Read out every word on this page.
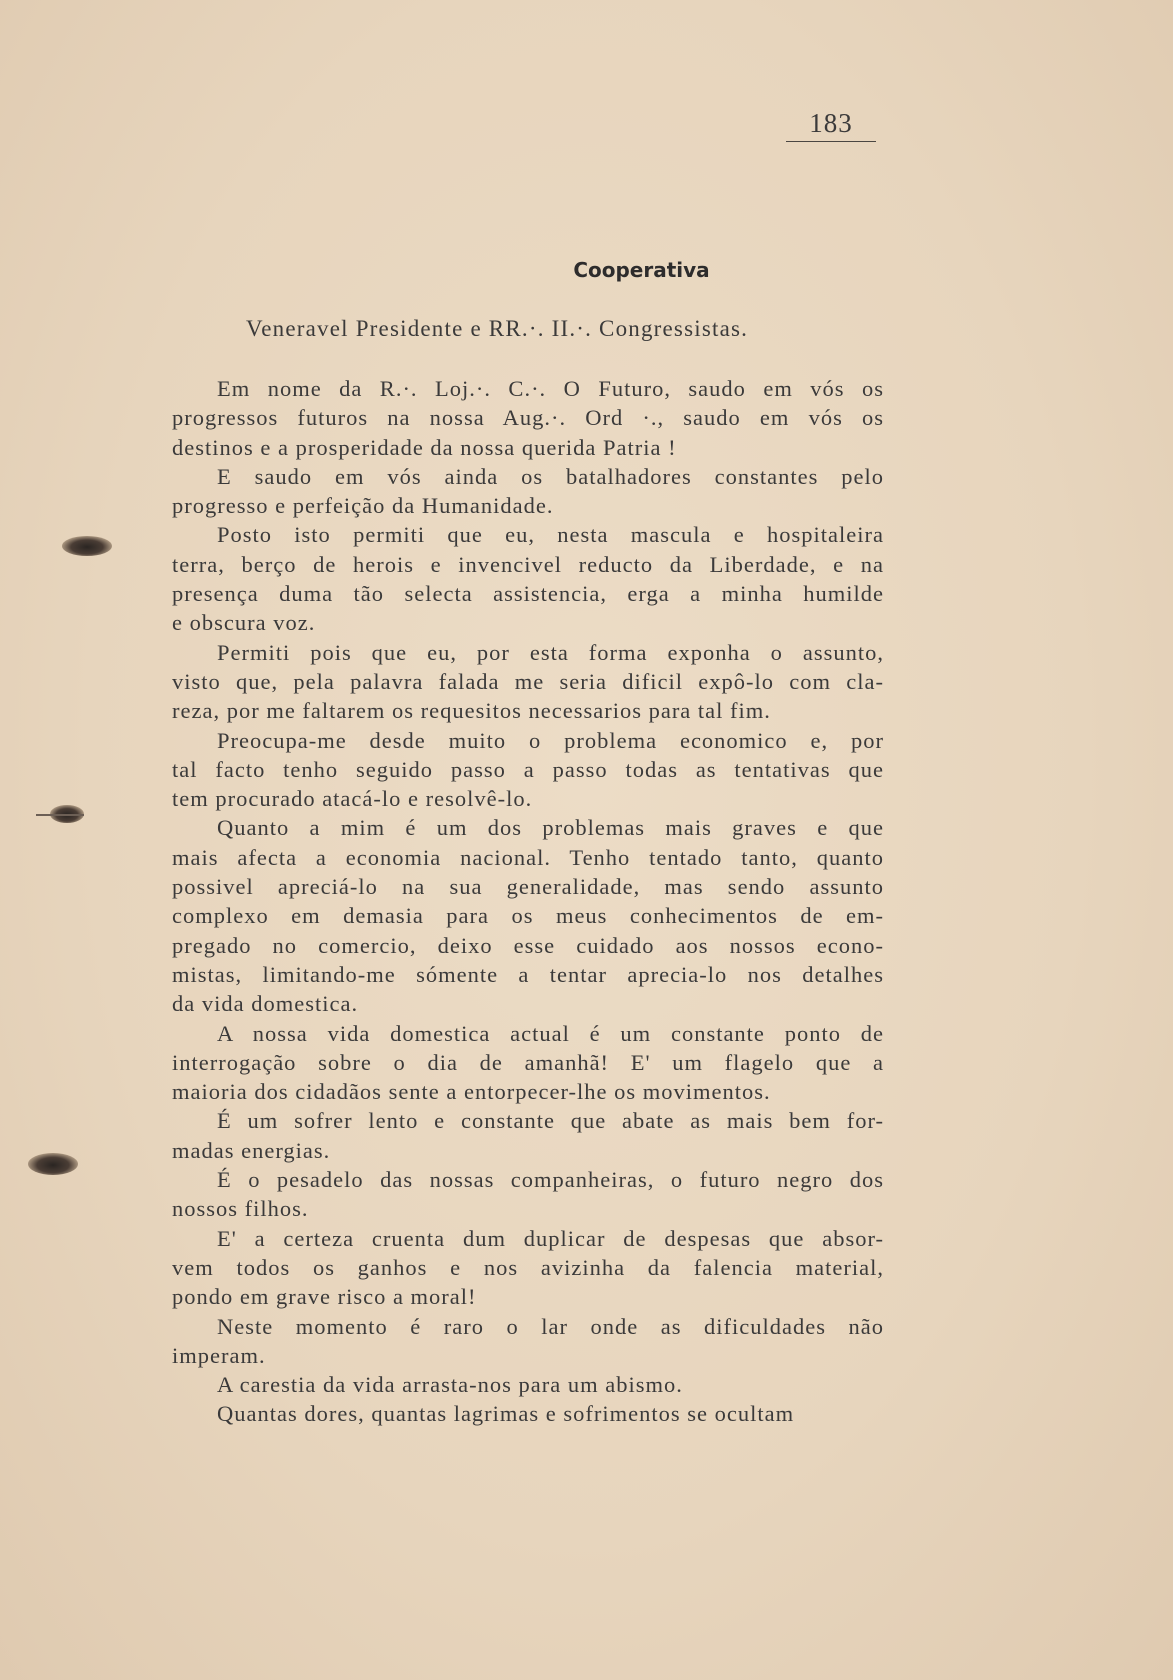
183
Cooperativa
Veneravel Presidente e RR.·. II.·. Congressistas.
Em nome da R.·. Loj.·. C.·. O Futuro, saudo em vós os
progressos futuros na nossa Aug.·. Ord ·., saudo em vós os
destinos e a prosperidade da nossa querida Patria !
E saudo em vós ainda os batalhadores constantes pelo
progresso e perfeição da Humanidade.
Posto isto permiti que eu, nesta mascula e hospitaleira
terra, berço de herois e invencivel reducto da Liberdade, e na
presença duma tão selecta assistencia, erga a minha humilde
e obscura voz.
Permiti pois que eu, por esta forma exponha o assunto,
visto que, pela palavra falada me seria dificil expô-lo com cla-
reza, por me faltarem os requesitos necessarios para tal fim.
Preocupa-me desde muito o problema economico e, por
tal facto tenho seguido passo a passo todas as tentativas que
tem procurado atacá-lo e resolvê-lo.
Quanto a mim é um dos problemas mais graves e que
mais afecta a economia nacional. Tenho tentado tanto, quanto
possivel apreciá-lo na sua generalidade, mas sendo assunto
complexo em demasia para os meus conhecimentos de em-
pregado no comercio, deixo esse cuidado aos nossos econo-
mistas, limitando-me sómente a tentar aprecia-lo nos detalhes
da vida domestica.
A nossa vida domestica actual é um constante ponto de
interrogação sobre o dia de amanhã! E' um flagelo que a
maioria dos cidadãos sente a entorpecer-lhe os movimentos.
É um sofrer lento e constante que abate as mais bem for-
madas energias.
É o pesadelo das nossas companheiras, o futuro negro dos
nossos filhos.
E' a certeza cruenta dum duplicar de despesas que absor-
vem todos os ganhos e nos avizinha da falencia material,
pondo em grave risco a moral!
Neste momento é raro o lar onde as dificuldades não
imperam.
A carestia da vida arrasta-nos para um abismo.
Quantas dores, quantas lagrimas e sofrimentos se ocultam
